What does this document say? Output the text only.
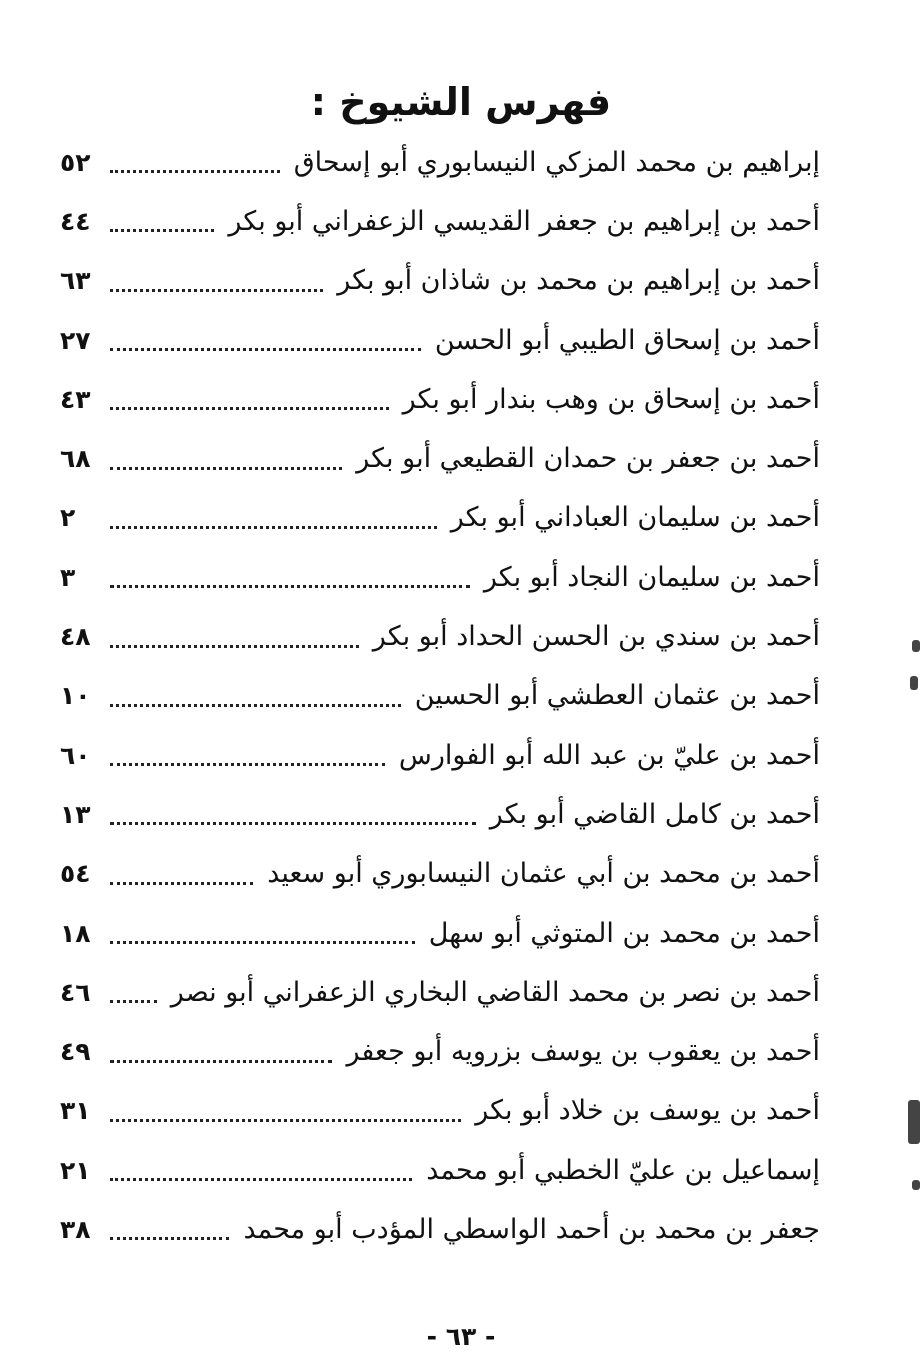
فهرس الشيوخ :
إبراهيم بن محمد المزكي النيسابوري أبو إسحاق
٥٢
أحمد بن إبراهيم بن جعفر القديسي الزعفراني أبو بكر
٤٤
أحمد بن إبراهيم بن محمد بن شاذان أبو بكر
٦٣
أحمد بن إسحاق الطيبي أبو الحسن
٢٧
أحمد بن إسحاق بن وهب بندار أبو بكر
٤٣
أحمد بن جعفر بن حمدان القطيعي أبو بكر
٦٨
أحمد بن سليمان العباداني أبو بكر
٢
أحمد بن سليمان النجاد أبو بكر
٣
أحمد بن سندي بن الحسن الحداد أبو بكر
٤٨
أحمد بن عثمان العطشي أبو الحسين
١٠
أحمد بن عليّ بن عبد الله أبو الفوارس
٦٠
أحمد بن كامل القاضي أبو بكر
١٣
أحمد بن محمد بن أبي عثمان النيسابوري أبو سعيد
٥٤
أحمد بن محمد بن المتوثي أبو سهل
١٨
أحمد بن نصر بن محمد القاضي البخاري الزعفراني أبو نصر
٤٦
أحمد بن يعقوب بن يوسف بزرويه أبو جعفر
٤٩
أحمد بن يوسف بن خلاد أبو بكر
٣١
إسماعيل بن عليّ الخطبي أبو محمد
٢١
جعفر بن محمد بن أحمد الواسطي المؤدب أبو محمد
٣٨
- ٦٣ -
